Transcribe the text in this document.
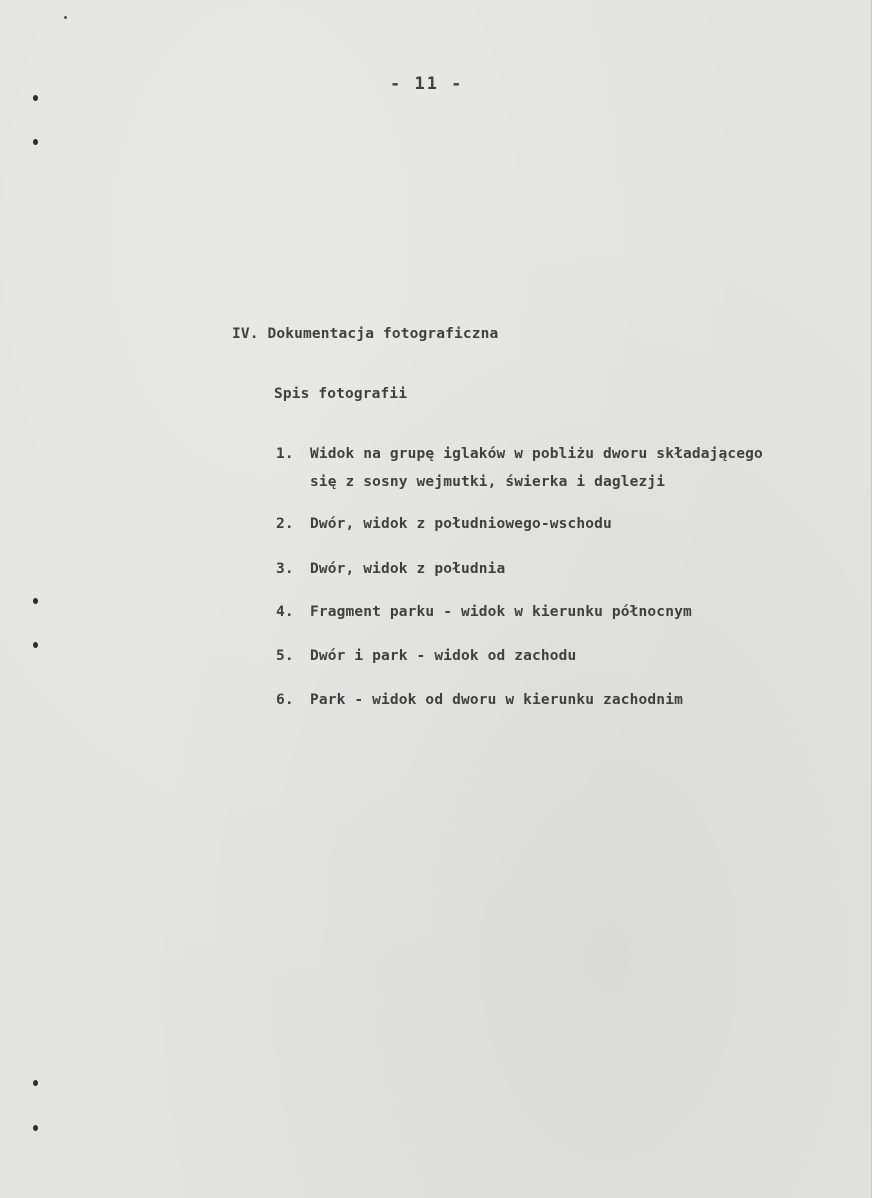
- 11 -
IV. Dokumentacja fotograficzna
Spis fotografii
1. Widok na grupę iglaków w pobliżu dworu składającego
się z sosny wejmutki, świerka i daglezji
2. Dwór, widok z południowego-wschodu
3. Dwór, widok z południa
4. Fragment parku - widok w kierunku północnym
5. Dwór i park - widok od zachodu
6. Park - widok od dworu w kierunku zachodnim
